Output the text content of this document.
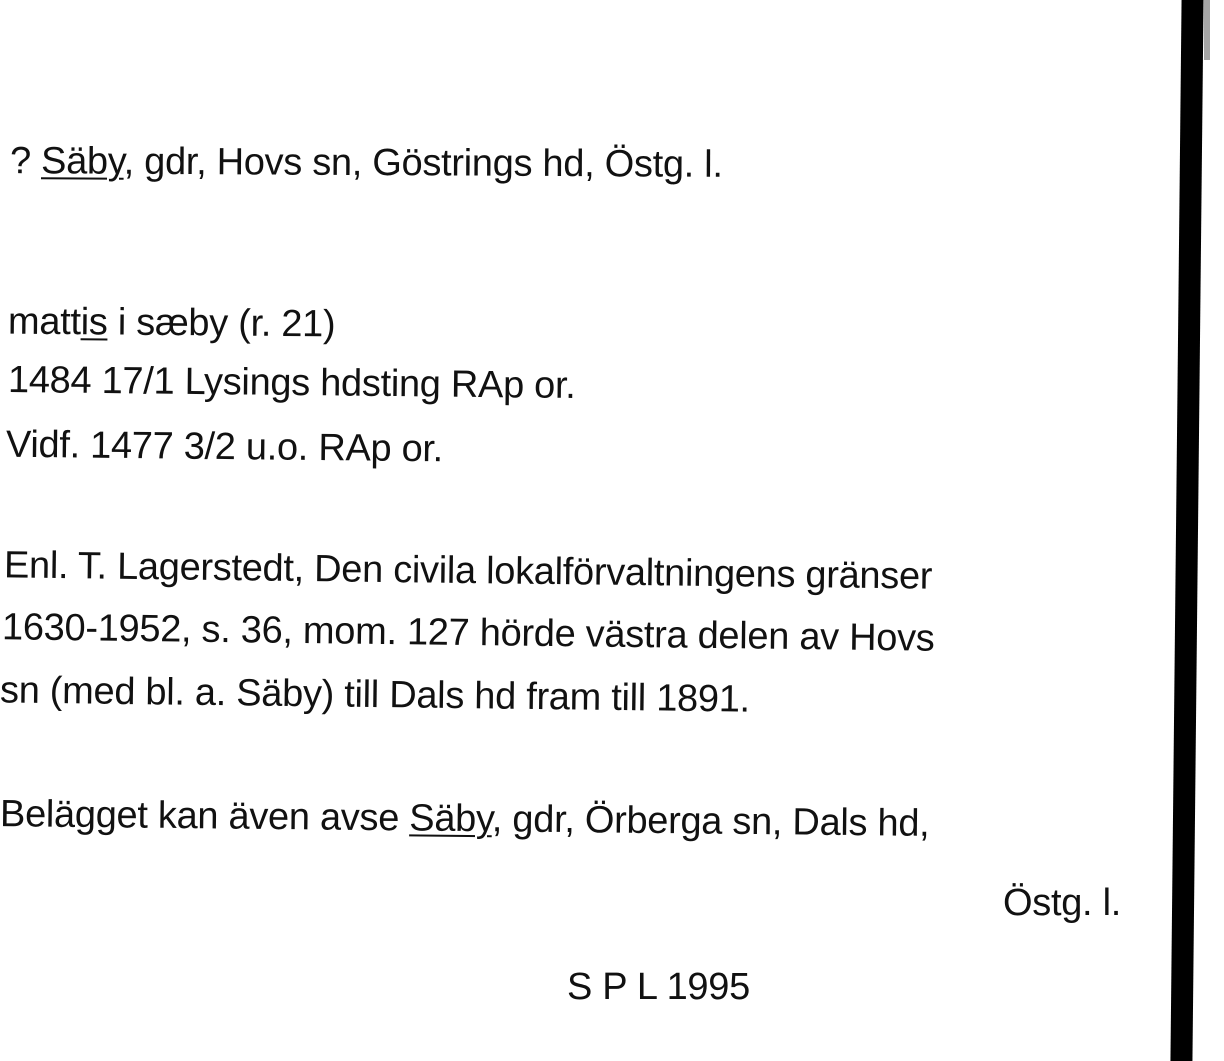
? Säby, gdr, Hovs sn, Göstrings hd, Östg. l.
mattis i sæby (r. 21)
1484 17/1 Lysings hdsting RAp or.
Vidf. 1477 3/2 u.o. RAp or.
Enl. T. Lagerstedt, Den civila lokalförvaltningens gränser
1630-1952, s. 36, mom. 127 hörde västra delen av Hovs
sn (med bl. a. Säby) till Dals hd fram till 1891.
Belägget kan även avse Säby, gdr, Örberga sn, Dals hd,
Östg. l.
S P L 1995
